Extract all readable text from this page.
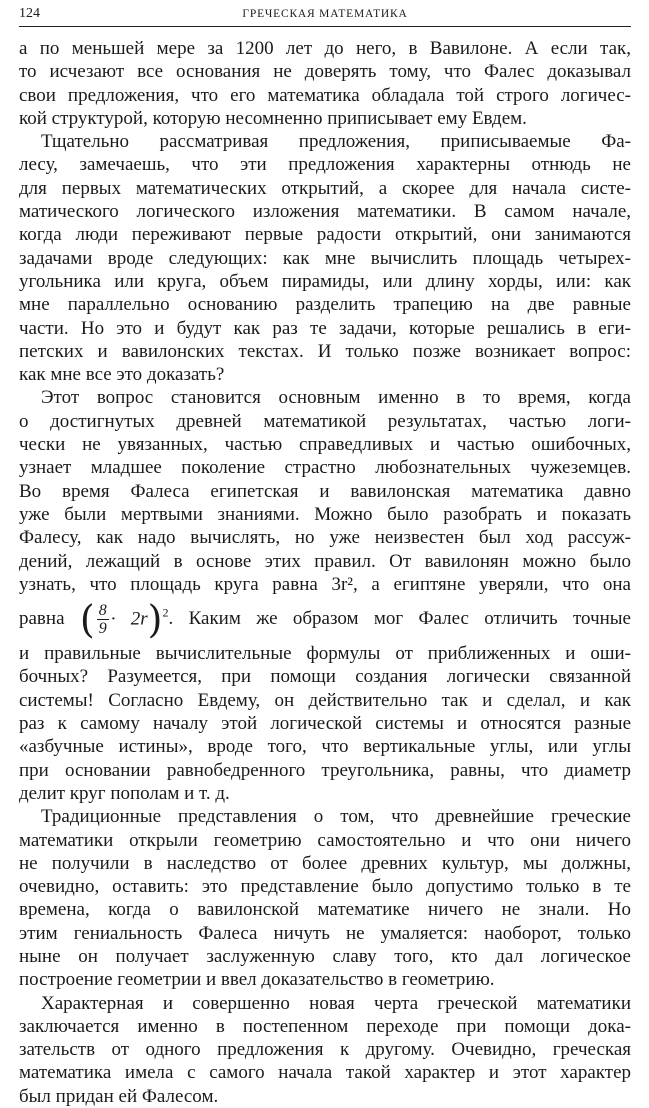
124	ГРЕЧЕСКАЯ МАТЕМАТИКА
а по меньшей мере за 1200 лет до него, в Вавилоне. А если так,
то исчезают все основания не доверять тому, что Фалес доказывал
свои предложения, что его математика обладала той строго логичес-
кой структурой, которую несомненно приписывает ему Евдем.
Тщательно рассматривая предложения, приписываемые Фа-
лесу, замечаешь, что эти предложения характерны отнюдь не
для первых математических открытий, а скорее для начала систе-
матического логического изложения математики. В самом начале,
когда люди переживают первые радости открытий, они занимаются
задачами вроде следующих: как мне вычислить площадь четырех-
угольника или круга, объем пирамиды, или длину хорды, или: как
мне параллельно основанию разделить трапецию на две равные
части. Но это и будут как раз те задачи, которые решались в еги-
петских и вавилонских текстах. И только позже возникает вопрос:
как мне все это доказать?
Этот вопрос становится основным именно в то время, когда
о достигнутых древней математикой результатах, частью логи-
чески не увязанных, частью справедливых и частью ошибочных,
узнает младшее поколение страстно любознательных чужеземцев.
Во время Фалеса египетская и вавилонская математика давно
уже были мертвыми знаниями. Можно было разобрать и показать
Фалесу, как надо вычислять, но уже неизвестен был ход рассуж-
дений, лежащий в основе этих правил. От вавилонян можно было
узнать, что площадь круга равна 3r², а египтяне уверяли, что она
равна ( $\frac{8}{9} \cdot 2r)^2$. Каким же образом мог Фалес отличить точные
и правильные вычислительные формулы от приближенных и оши-
бочных? Разумеется, при помощи создания логически связанной
системы! Согласно Евдему, он действительно так и сделал, и как
раз к самому началу этой логической системы и относятся разные
«азбучные истины», вроде того, что вертикальные углы, или углы
при основании равнобедренного треугольника, равны, что диаметр
делит круг пополам и т. д.
Традиционные представления о том, что древнейшие греческие
математики открыли геометрию самостоятельно и что они ничего
не получили в наследство от более древних культур, мы должны,
очевидно, оставить: это представление было допустимо только в те
времена, когда о вавилонской математике ничего не знали. Но
этим гениальность Фалеса ничуть не умаляется: наоборот, только
ныне он получает заслуженную славу того, кто дал логическое
построение геометрии и ввел доказательство в геометрию.
Характерная и совершенно новая черта греческой математики
заключается именно в постепенном переходе при помощи дока-
зательств от одного предложения к другому. Очевидно, греческая
математика имела с самого начала такой характер и этот характер
был придан ей Фалесом.
